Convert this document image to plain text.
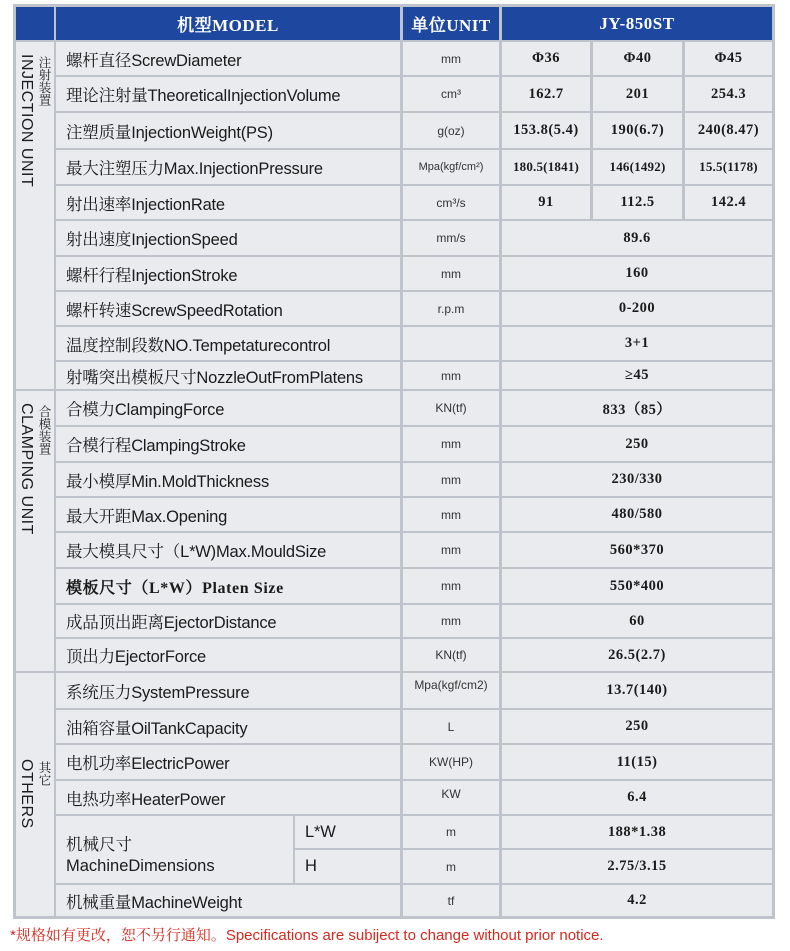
机型MODEL	单位UNIT	JY-850ST
INJECTION UNIT 注射装置
CLAMPING UNIT 合模装置
OTHERS 其它
螺杆直径ScrewDiameter	mm	Φ36	Φ40	Φ45
理论注射量TheoreticalInjectionVolume	cm³	162.7	201	254.3
注塑质量InjectionWeight(PS)	g(oz)	153.8(5.4)	190(6.7)	240(8.47)
最大注塑压力Max.InjectionPressure	Mpa(kgf/cm²)	180.5(1841)	146(1492)	15.5(1178)
射出速率InjectionRate	cm³/s	91	112.5	142.4
射出速度InjectionSpeed	mm/s	89.6
螺杆行程InjectionStroke	mm	160
螺杆转速ScrewSpeedRotation	r.p.m	0-200
温度控制段数NO.Tempetaturecontrol	3+1
射嘴突出模板尺寸NozzleOutFromPlatens	mm	≥45
合模力ClampingForce	KN(tf)	833（85）
合模行程ClampingStroke	mm	250
最小模厚Min.MoldThickness	mm	230/330
最大开距Max.Opening	mm	480/580
最大模具尺寸（L*W)Max.MouldSize	mm	560*370
模板尺寸（L*W）Platen Size	mm	550*400
成品顶出距离EjectorDistance	mm	60
顶出力EjectorForce	KN(tf)	26.5(2.7)
系统压力SystemPressure	Mpa(kgf/cm2)	13.7(140)
油箱容量OilTankCapacity	L	250
电机功率ElectricPower	KW(HP)	11(15)
电热功率HeaterPower	KW	6.4
机械尺寸
MachineDimensions
L*W	m	188*1.38
H	m	2.75/3.15
机械重量MachineWeight	tf	4.2
*规格如有更改，恕不另行通知。Specifications are subiject to change without prior notice.
